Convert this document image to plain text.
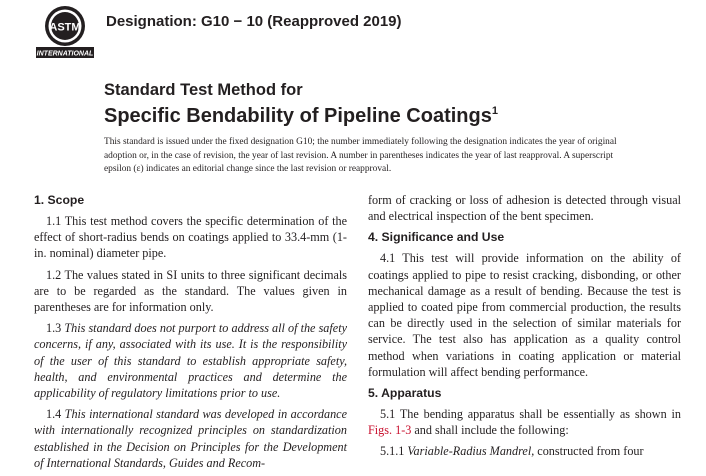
ASTM
INTERNATIONAL
Designation: G10 − 10 (Reapproved 2019)
Standard Test Method for
Specific Bendability of Pipeline Coatings$^1$
This standard is issued under the fixed designation G10; the number immediately following the designation indicates the year of original adoption or, in the case of revision, the year of last revision. A number in parentheses indicates the year of last reapproval. A superscript epsilon (ε) indicates an editorial change since the last revision or reapproval.
1. Scope

1.1 This test method covers the specific determination of the effect of short-radius bends on coatings applied to 33.4-mm (1-in. nominal) diameter pipe.

1.2 The values stated in SI units to three significant decimals are to be regarded as the standard. The values given in parentheses are for information only.

1.3 This standard does not purport to address all of the safety concerns, if any, associated with its use. It is the responsibility of the user of this standard to establish appropriate safety, health, and environmental practices and determine the applicability of regulatory limitations prior to use.

1.4 This international standard was developed in accordance with internationally recognized principles on standardization established in the Decision on Principles for the Development of International Standards, Guides and Recom-

form of cracking or loss of adhesion is detected through visual and electrical inspection of the bent specimen.

4. Significance and Use

4.1 This test will provide information on the ability of coatings applied to pipe to resist cracking, disbonding, or other mechanical damage as a result of bending. Because the test is applied to coated pipe from commercial production, the results can be directly used in the selection of similar materials for service. The test also has application as a quality control method when variations in coating application or material formulation will affect bending performance.

5. Apparatus

5.1 The bending apparatus shall be essentially as shown in Figs. 1-3 and shall include the following:

5.1.1 Variable-Radius Mandrel, constructed from four
